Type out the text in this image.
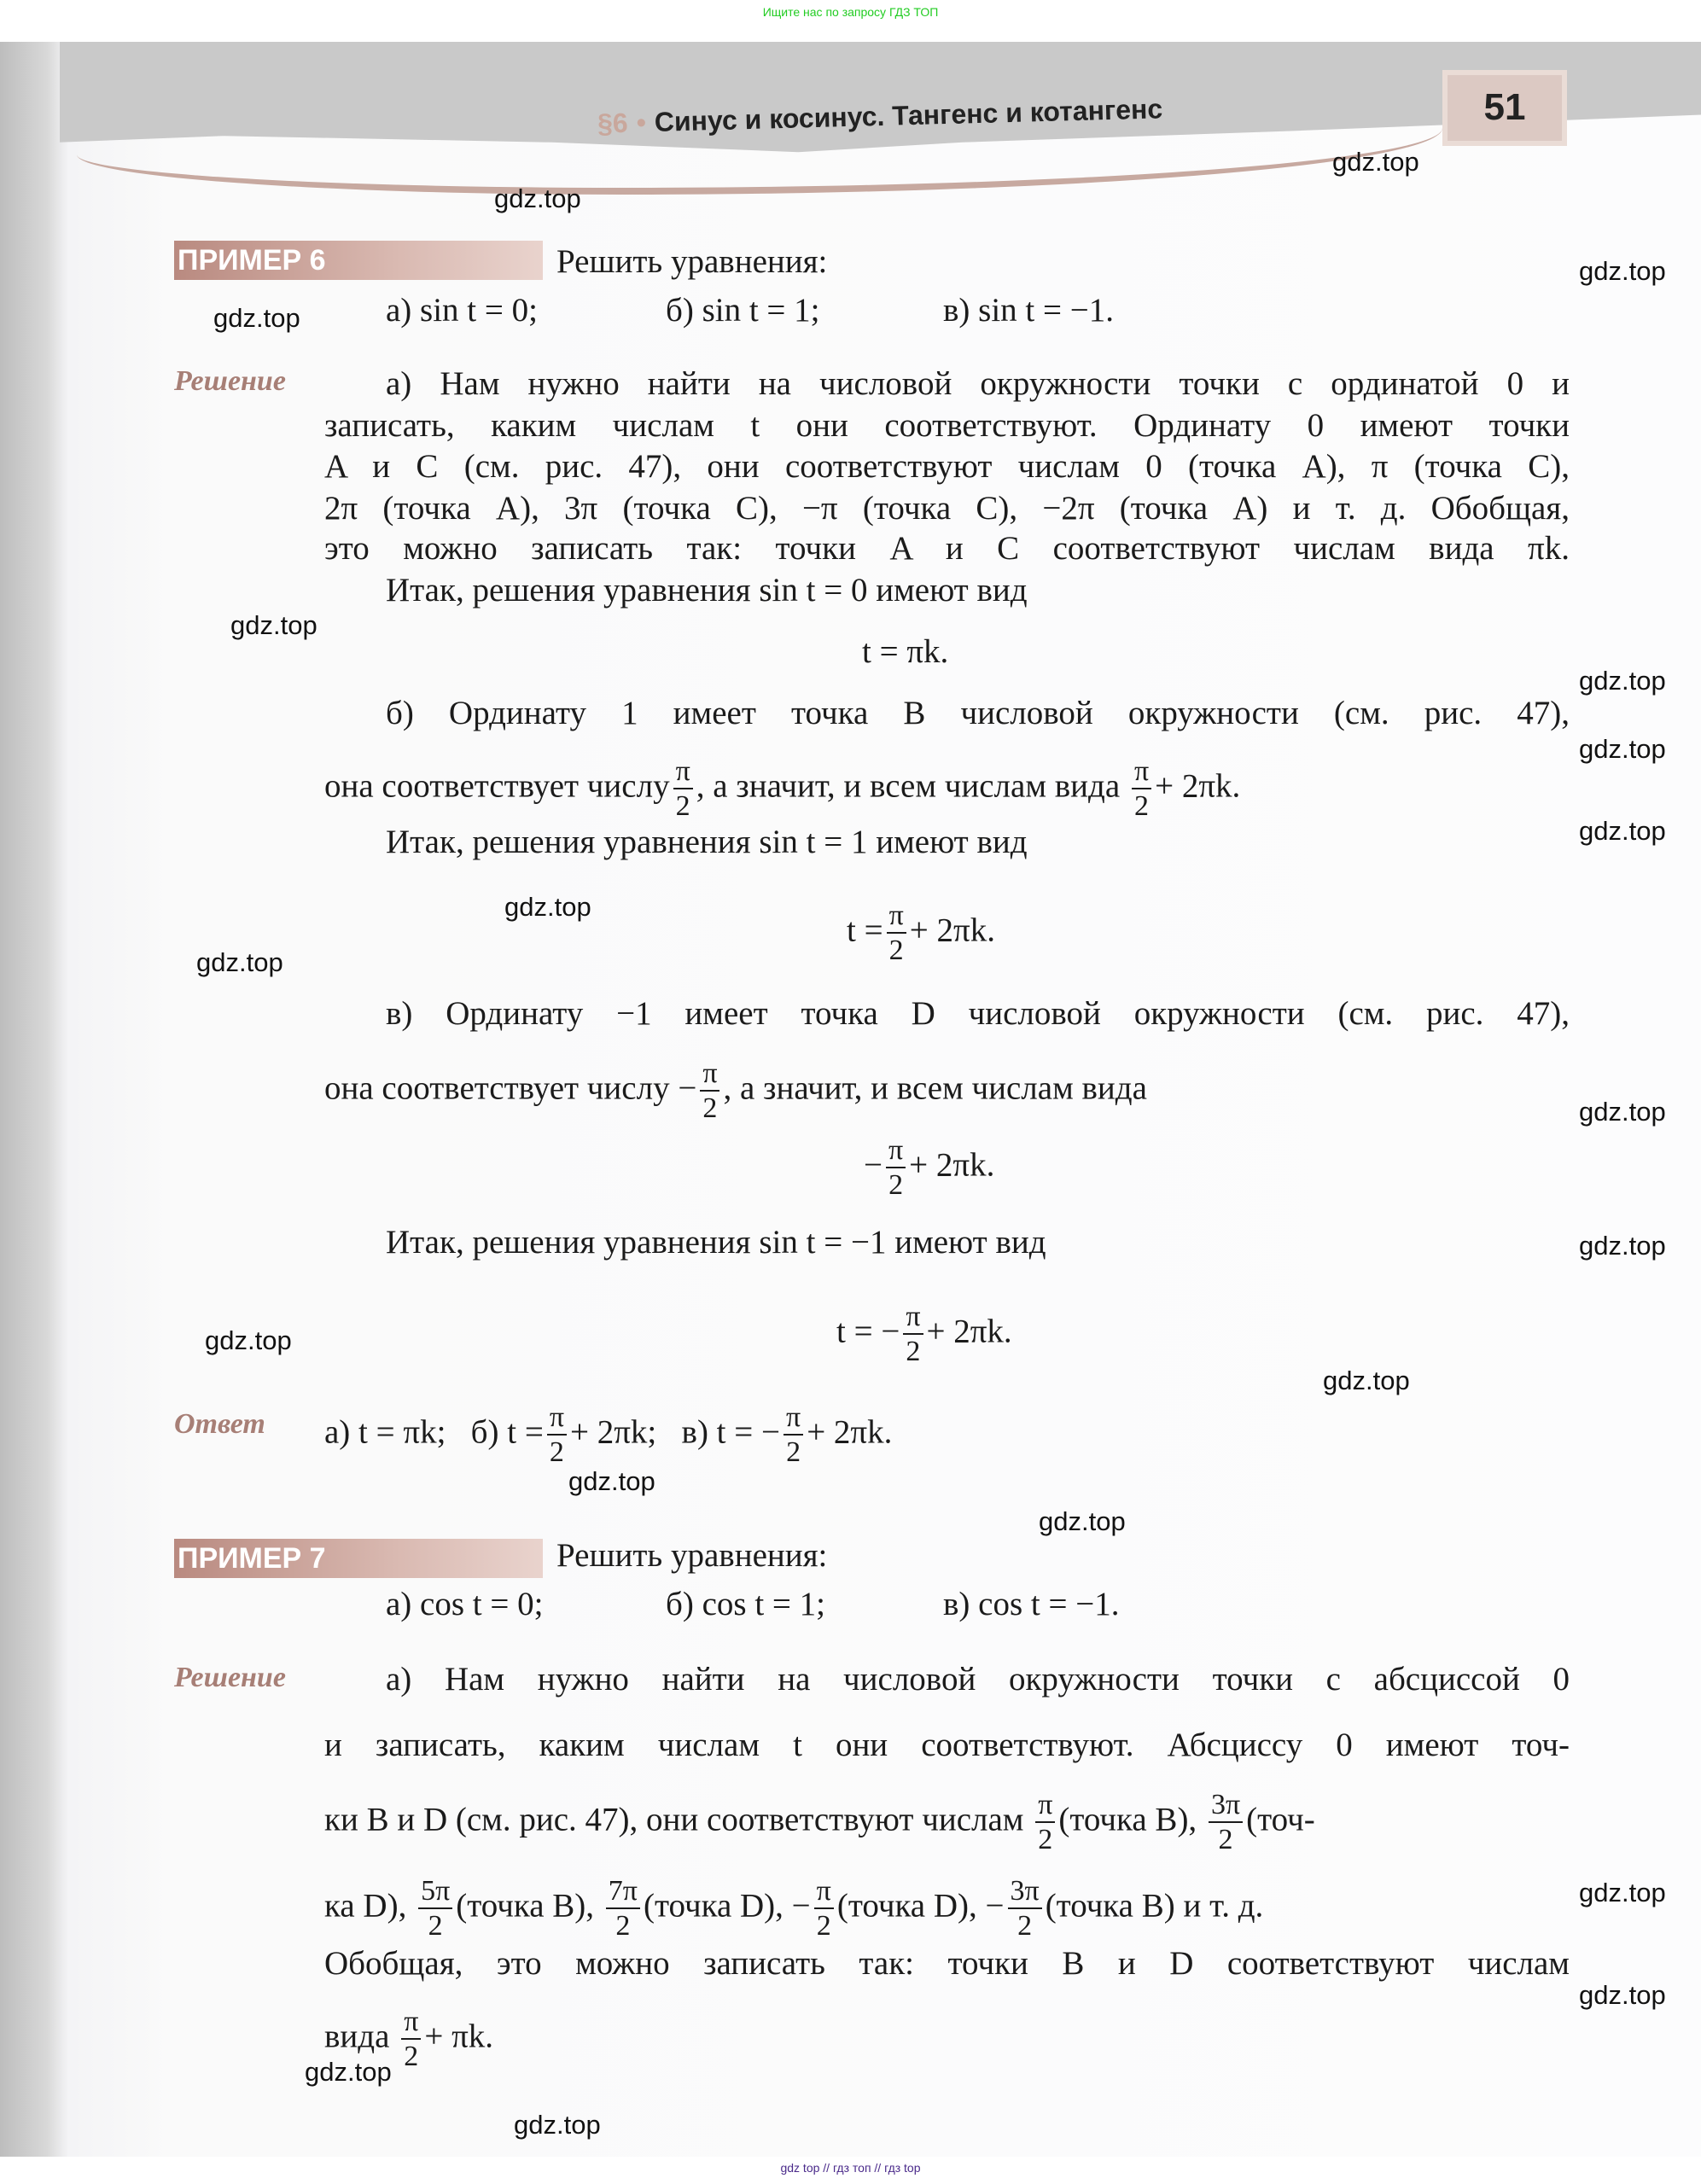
Ищите нас по запросу ГДЗ ТОП
§6 • Синус и косинус. Тангенс и котангенс	51
ПРИМЕР 6	Решить уравнения:
а) sin t = 0;	б) sin t = 1;	в) sin t = −1.
Решение	а) Нам нужно найти на числовой окружности точки с ординатой 0 и
записать, каким числам t они соответствуют. Ординату 0 имеют точки
A и C (см. рис. 47), они соответствуют числам 0 (точка A), π (точка C),
2π (точка A), 3π (точка C), −π (точка C), −2π (точка A) и т. д. Обобщая,
это можно записать так: точки A и C соответствуют числам вида πk.
Итак, решения уравнения sin t = 0 имеют вид
t = πk.
б) Ординату 1 имеет точка B числовой окружности (см. рис. 47),
она соответствует числу $\frac{\pi}{2}$ , а значит, и всем числам вида $\frac{\pi}{2} + 2\pi k$.
Итак, решения уравнения sin t = 1 имеют вид
$t = \frac{\pi}{2} + 2\pi k$.
в) Ординату −1 имеет точка D числовой окружности (см. рис. 47),
она соответствует числу − $\frac{\pi}{2}$ , а значит, и всем числам вида
− $\frac{\pi}{2} + 2\pi k$.
Итак, решения уравнения sin t = −1 имеют вид
t = − $\frac{\pi}{2} + 2\pi k$.
Ответ а) t = πk; б) $t = \frac{\pi}{2} + 2\pi k$; в) t = − $\frac{\pi}{2} + 2\pi k$.
ПРИМЕР 7	Решить уравнения:
а) cos t = 0;	б) cos t = 1;	в) cos t = −1.
Решение	а) Нам нужно найти на числовой окружности точки с абсциссой 0
и записать, каким числам t они соответствуют. Абсциссу 0 имеют точ-
ки B и D (см. рис. 47), они соответствуют числам $\frac{\pi}{2}$ (точка B), $\frac{3\pi}{2} (точ-$
ка D), $\frac{5\pi}{2}$ (точка B), $\frac{7\pi}{2}$ (точка D), − $\frac{\pi}{2}$ (точка D), − $\frac{3\pi}{2}$ (точка B) и т. д.
Обобщая, это можно записать так: точки B и D соответствуют числам
вида $\frac{\pi}{2} + \pi k$.
gdz.top
gdz.top
gdz.top
gdz.top
gdz.top
gdz.top
gdz.top
gdz.top
gdz.top
gdz.top
gdz.top
gdz.top
gdz.top
gdz.top
gdz.top
gdz.top
gdz.top
gdz.top
gdz.top
gdz.top
gdz top // гдз топ // гдз top
